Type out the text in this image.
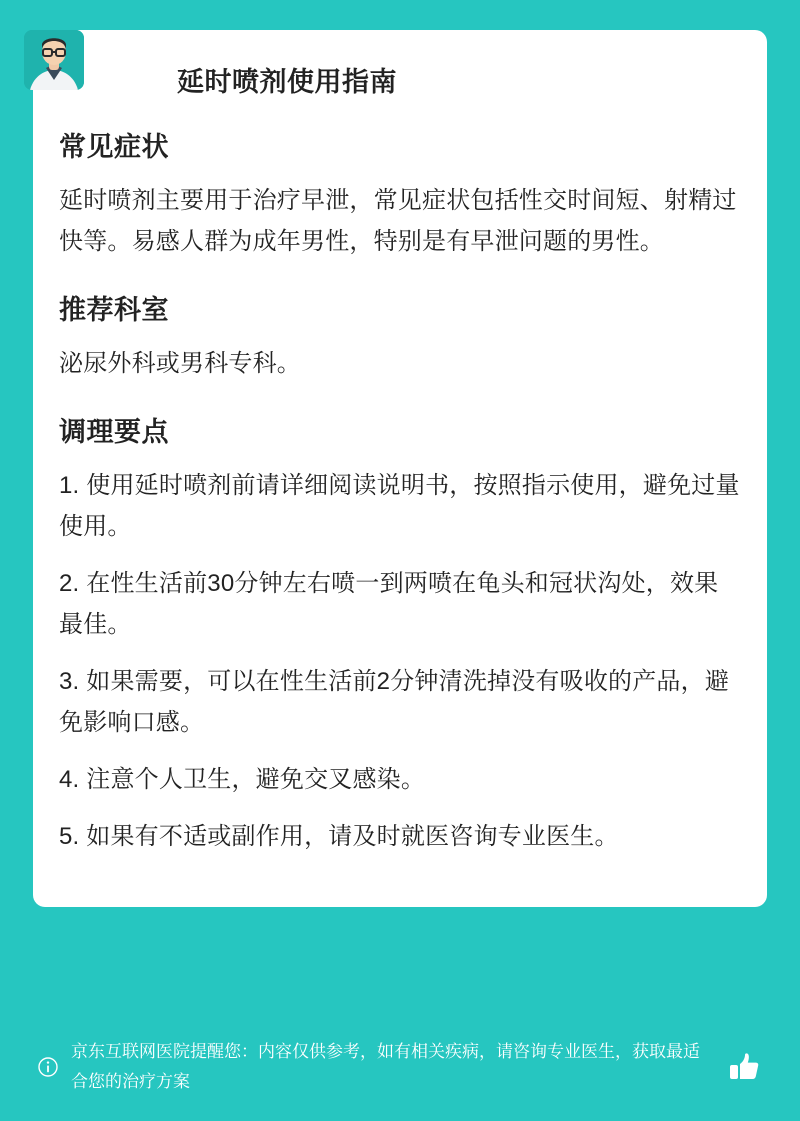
延时喷剂使用指南
常见症状

延时喷剂主要用于治疗早泄，常见症状包括性交时间短、射精过快等。易感人群为成年男性，特别是有早泄问题的男性。

推荐科室

泌尿外科或男科专科。

调理要点

1. 使用延时喷剂前请详细阅读说明书，按照指示使用，避免过量使用。

2. 在性生活前30分钟左右喷一到两喷在龟头和冠状沟处，效果最佳。

3. 如果需要，可以在性生活前2分钟清洗掉没有吸收的产品，避免影响口感。

4. 注意个人卫生，避免交叉感染。

5. 如果有不适或副作用，请及时就医咨询专业医生。

京东互联网医院提醒您：内容仅供参考，如有相关疾病，请咨询专业医生，获取最适合您的治疗方案
